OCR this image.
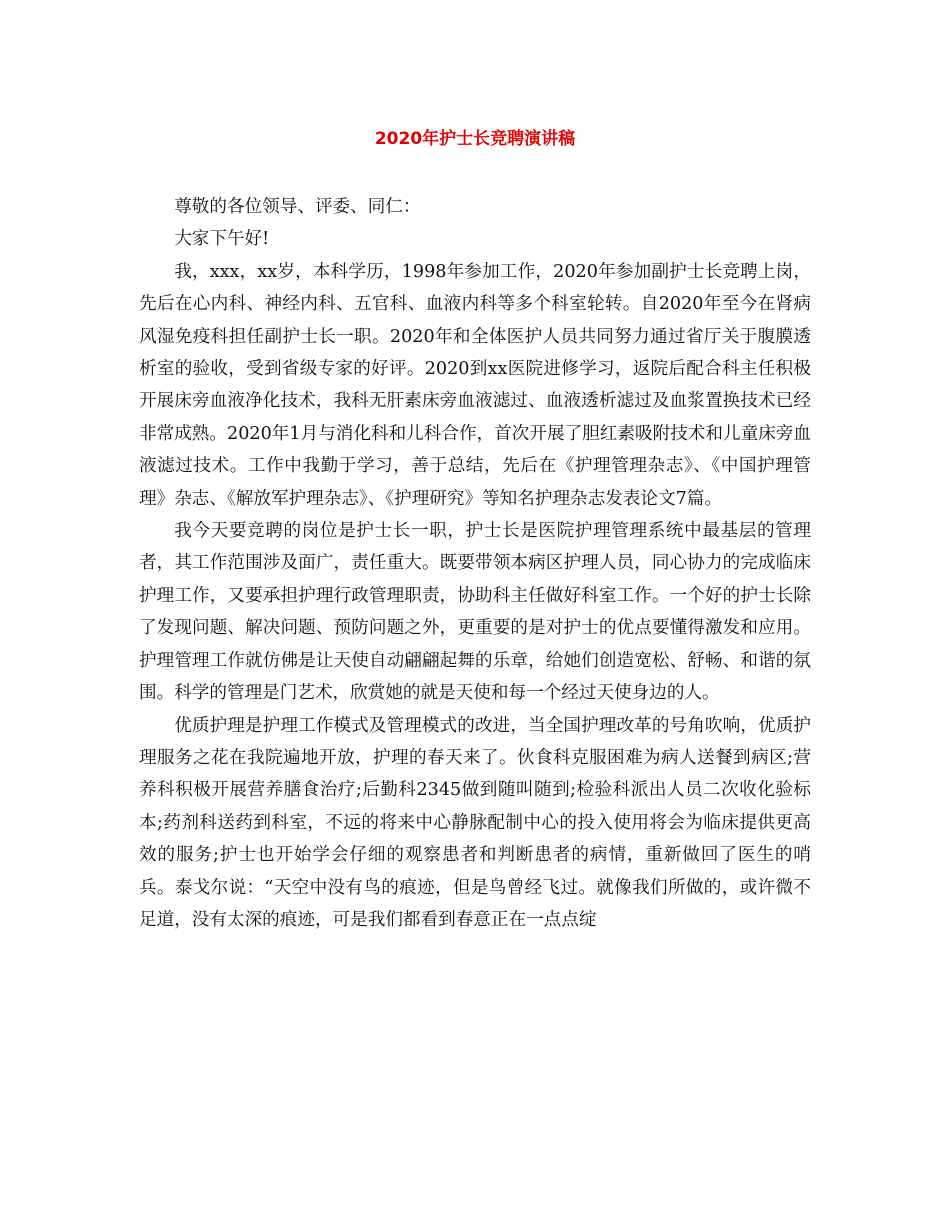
2020年护士长竞聘演讲稿

尊敬的各位领导、评委、同仁：

大家下午好!

我，xxx，xx岁，本科学历，1998年参加工作，2020年参加副护士长竞聘上岗，先后在心内科、神经内科、五官科、血液内科等多个科室轮转。自2020年至今在肾病风湿免疫科担任副护士长一职。2020年和全体医护人员共同努力通过省厅关于腹膜透析室的验收，受到省级专家的好评。2020到xx医院进修学习，返院后配合科主任积极开展床旁血液净化技术，我科无肝素床旁血液滤过、血液透析滤过及血浆置换技术已经非常成熟。2020年1月与消化科和儿科合作，首次开展了胆红素吸附技术和儿童床旁血液滤过技术。工作中我勤于学习，善于总结，先后在《护理管理杂志》、《中国护理管理》杂志、《解放军护理杂志》、《护理研究》等知名护理杂志发表论文7篇。

我今天要竞聘的岗位是护士长一职，护士长是医院护理管理系统中最基层的管理者，其工作范围涉及面广，责任重大。既要带领本病区护理人员，同心协力的完成临床护理工作，又要承担护理行政管理职责，协助科主任做好科室工作。一个好的护士长除了发现问题、解决问题、预防问题之外，更重要的是对护士的优点要懂得激发和应用。护理管理工作就仿佛是让天使自动翩翩起舞的乐章，给她们创造宽松、舒畅、和谐的氛围。科学的管理是门艺术，欣赏她的就是天使和每一个经过天使身边的人。

优质护理是护理工作模式及管理模式的改进，当全国护理改革的号角吹响，优质护理服务之花在我院遍地开放，护理的春天来了。伙食科克服困难为病人送餐到病区;营养科积极开展营养膳食治疗;后勤科2345做到随叫随到;检验科派出人员二次收化验标本;药剂科送药到科室，不远的将来中心静脉配制中心的投入使用将会为临床提供更高效的服务;护士也开始学会仔细的观察患者和判断患者的病情，重新做回了医生的哨兵。泰戈尔说：“天空中没有鸟的痕迹，但是鸟曾经飞过。就像我们所做的，或许微不足道，没有太深的痕迹，可是我们都看到春意正在一点点绽
